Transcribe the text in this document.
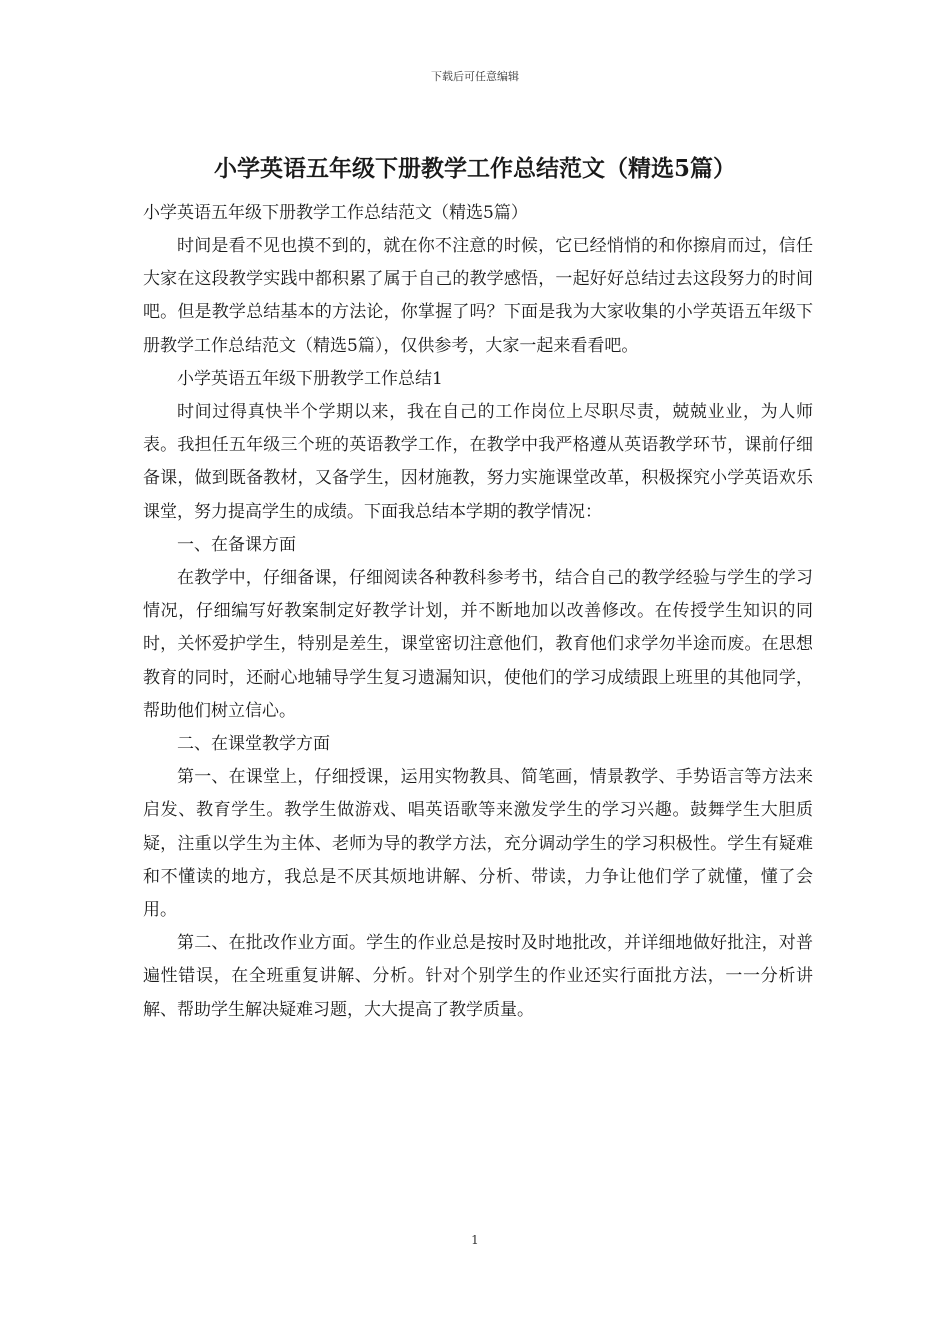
下载后可任意编辑
小学英语五年级下册教学工作总结范文（精选5篇）

小学英语五年级下册教学工作总结范文（精选5篇）

时间是看不见也摸不到的，就在你不注意的时候，它已经悄悄的和你擦肩而过，信任大家在这段教学实践中都积累了属于自己的教学感悟，一起好好总结过去这段努力的时间吧。但是教学总结基本的方法论，你掌握了吗？下面是我为大家收集的小学英语五年级下册教学工作总结范文（精选5篇），仅供参考，大家一起来看看吧。

小学英语五年级下册教学工作总结1

时间过得真快半个学期以来，我在自己的工作岗位上尽职尽责，兢兢业业，为人师表。我担任五年级三个班的英语教学工作，在教学中我严格遵从英语教学环节，课前仔细备课，做到既备教材，又备学生，因材施教，努力实施课堂改革，积极探究小学英语欢乐课堂，努力提高学生的成绩。下面我总结本学期的教学情况：

一、在备课方面

在教学中，仔细备课，仔细阅读各种教科参考书，结合自己的教学经验与学生的学习情况，仔细编写好教案制定好教学计划，并不断地加以改善修改。在传授学生知识的同时，关怀爱护学生，特别是差生，课堂密切注意他们，教育他们求学勿半途而废。在思想教育的同时，还耐心地辅导学生复习遗漏知识，使他们的学习成绩跟上班里的其他同学，帮助他们树立信心。

二、在课堂教学方面

第一、在课堂上，仔细授课，运用实物教具、简笔画，情景教学、手势语言等方法来启发、教育学生。教学生做游戏、唱英语歌等来激发学生的学习兴趣。鼓舞学生大胆质疑，注重以学生为主体、老师为导的教学方法，充分调动学生的学习积极性。学生有疑难和不懂读的地方，我总是不厌其烦地讲解、分析、带读，力争让他们学了就懂，懂了会用。

第二、在批改作业方面。学生的作业总是按时及时地批改，并详细地做好批注，对普遍性错误，在全班重复讲解、分析。针对个别学生的作业还实行面批方法，一一分析讲解、帮助学生解决疑难习题，大大提高了教学质量。

1
